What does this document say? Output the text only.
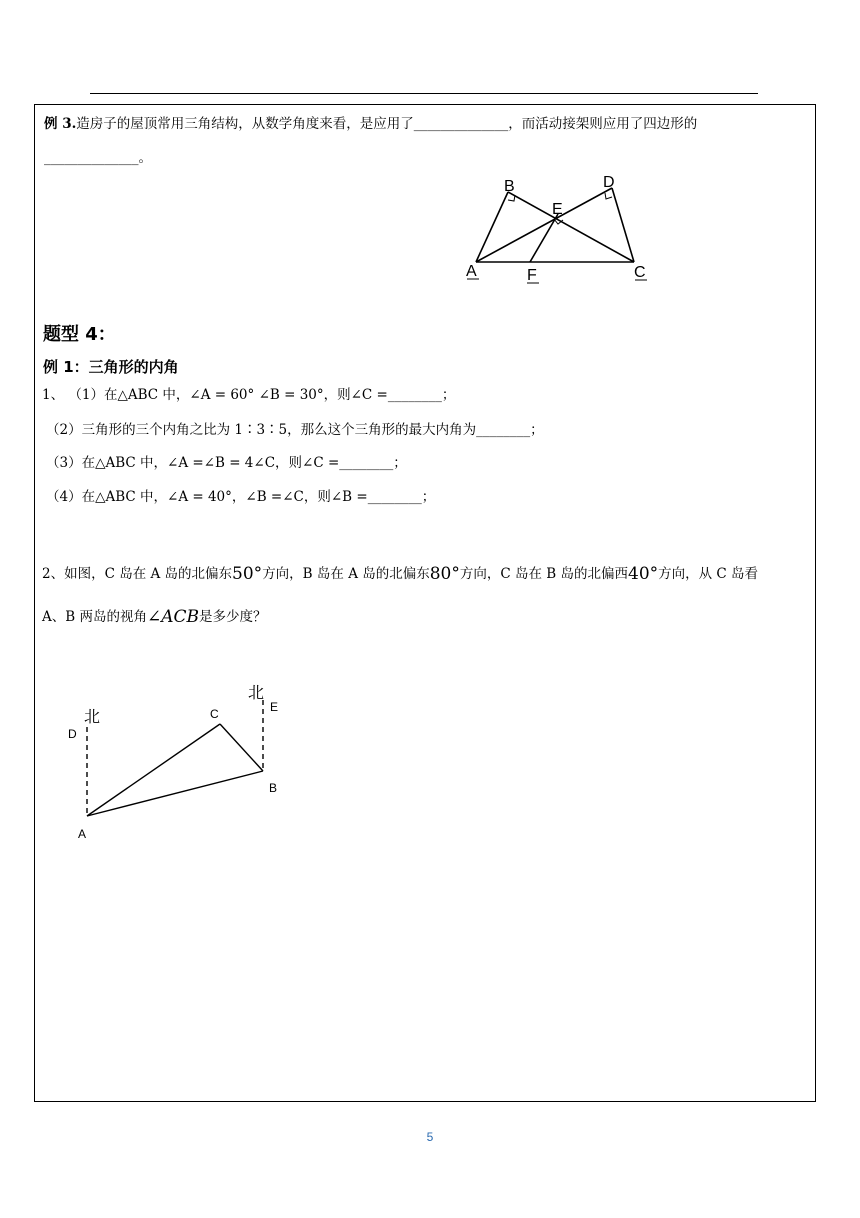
例 3.造房子的屋顶常用三角结构，从数学角度来看，是应用了______________，而活动接架则应用了四边形的
______________。
B	D
E
A	F	C
题型 4：
例 1：三角形的内角
1、 （1）在△ABC 中，∠A = 60° ∠B = 30°，则∠C =________；
（2）三角形的三个内角之比为 1∶3∶5，那么这个三角形的最大内角为________；
（3）在△ABC 中，∠A =∠B = 4∠C，则∠C =________；
（4）在△ABC 中，∠A = 40°，∠B =∠C，则∠B =________；
2、如图，C 岛在 A 岛的北偏东50°方向，B 岛在 A 岛的北偏东80°方向，C 岛在 B 岛的北偏西40°方向，从 C 岛看
A、B 两岛的视角∠ACB是多少度？
北
北
D
E
C
B
A
5
